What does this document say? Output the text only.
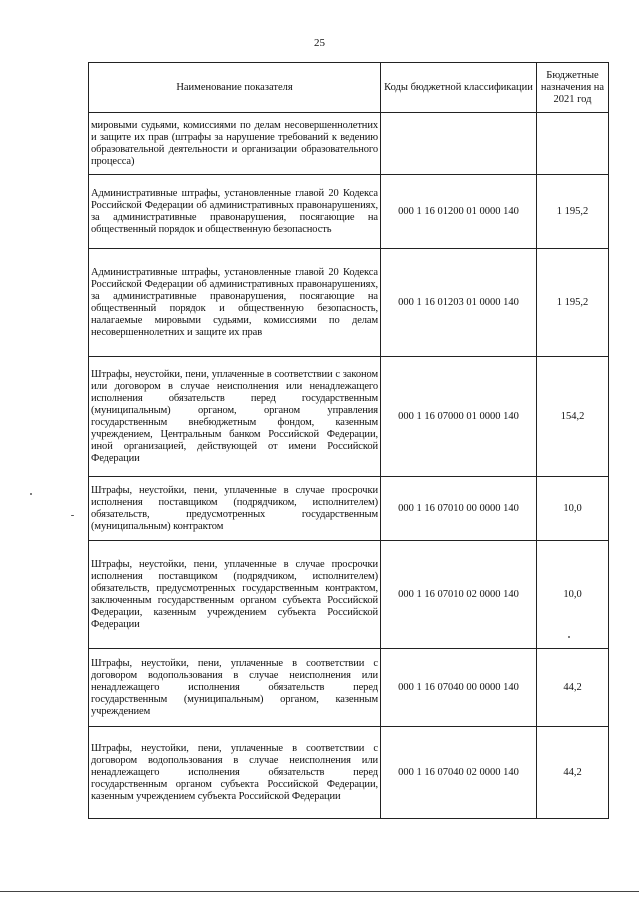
25
Наименование показателя	Коды бюджетной классификации	Бюджетные назначения на 2021 год
мировыми судьями, комиссиями по делам несовершеннолетних и защите их прав (штрафы за нарушение требований к ведению образовательной деятельности и организации образовательного процесса)		
Административные штрафы, установленные главой 20 Кодекса Российской Федерации об административных правонарушениях, за административные правонарушения, посягающие на общественный порядок и общественную безопасность	000 1 16 01200 01 0000 140	1 195,2
Административные штрафы, установленные главой 20 Кодекса Российской Федерации об административных правонарушениях, за административные правонарушения, посягающие на общественный порядок и общественную безопасность, налагаемые мировыми судьями, комиссиями по делам несовершеннолетних и защите их прав	000 1 16 01203 01 0000 140	1 195,2
Штрафы, неустойки, пени, уплаченные в соответствии с законом или договором в случае неисполнения или ненадлежащего исполнения обязательств перед государственным (муниципальным) органом, органом управления государственным внебюджетным фондом, казенным учреждением, Центральным банком Российской Федерации, иной организацией, действующей от имени Российской Федерации	000 1 16 07000 01 0000 140	154,2
Штрафы, неустойки, пени, уплаченные в случае просрочки исполнения поставщиком (подрядчиком, исполнителем) обязательств, предусмотренных государственным (муниципальным) контрактом	000 1 16 07010 00 0000 140	10,0
Штрафы, неустойки, пени, уплаченные в случае просрочки исполнения поставщиком (подрядчиком, исполнителем) обязательств, предусмотренных государственным контрактом, заключенным государственным органом субъекта Российской Федерации, казенным учреждением субъекта Российской Федерации	000 1 16 07010 02 0000 140	10,0
Штрафы, неустойки, пени, уплаченные в соответствии с договором водопользования в случае неисполнения или ненадлежащего исполнения обязательств перед государственным (муниципальным) органом, казенным учреждением	000 1 16 07040 00 0000 140	44,2
Штрафы, неустойки, пени, уплаченные в соответствии с договором водопользования в случае неисполнения или ненадлежащего исполнения обязательств перед государственным органом субъекта Российской Федерации, казенным учреждением субъекта Российской Федерации	000 1 16 07040 02 0000 140	44,2
